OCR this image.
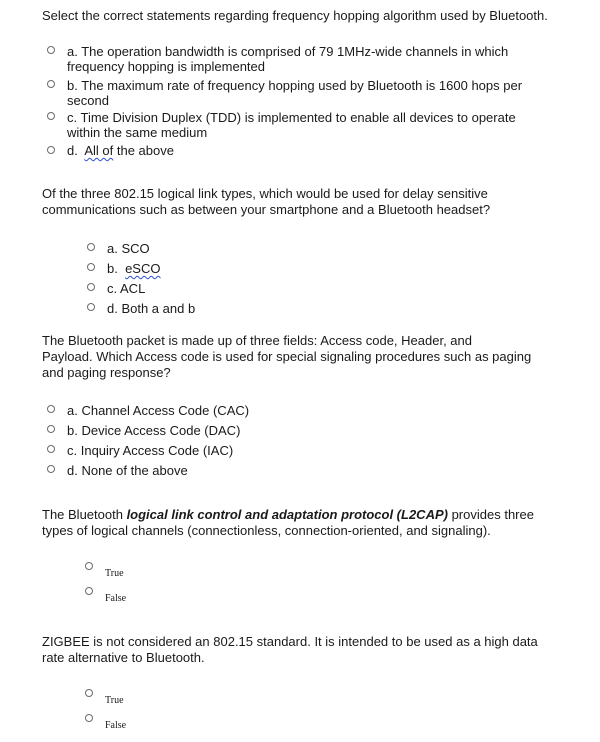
Select the correct statements regarding frequency hopping algorithm used by Bluetooth.
a. The operation bandwidth is comprised of 79 1MHz-wide channels in which
frequency hopping is implemented
b. The maximum rate of frequency hopping used by Bluetooth is 1600 hops per
second
c. Time Division Duplex (TDD) is implemented to enable all devices to operate
within the same medium
d.  All of the above
Of the three 802.15 logical link types, which would be used for delay sensitive
communications such as between your smartphone and a Bluetooth headset?
a. SCO
b.  eSCO
c. ACL
d. Both a and b
The Bluetooth packet is made up of three fields: Access code, Header, and
Payload. Which Access code is used for special signaling procedures such as paging
and paging response?
a. Channel Access Code (CAC)
b. Device Access Code (DAC)
c. Inquiry Access Code (IAC)
d. None of the above
The Bluetooth logical link control and adaptation protocol (L2CAP) provides three
types of logical channels (connectionless, connection-oriented, and signaling).
True
False
ZIGBEE is not considered an 802.15 standard. It is intended to be used as a high data
rate alternative to Bluetooth.
True
False
